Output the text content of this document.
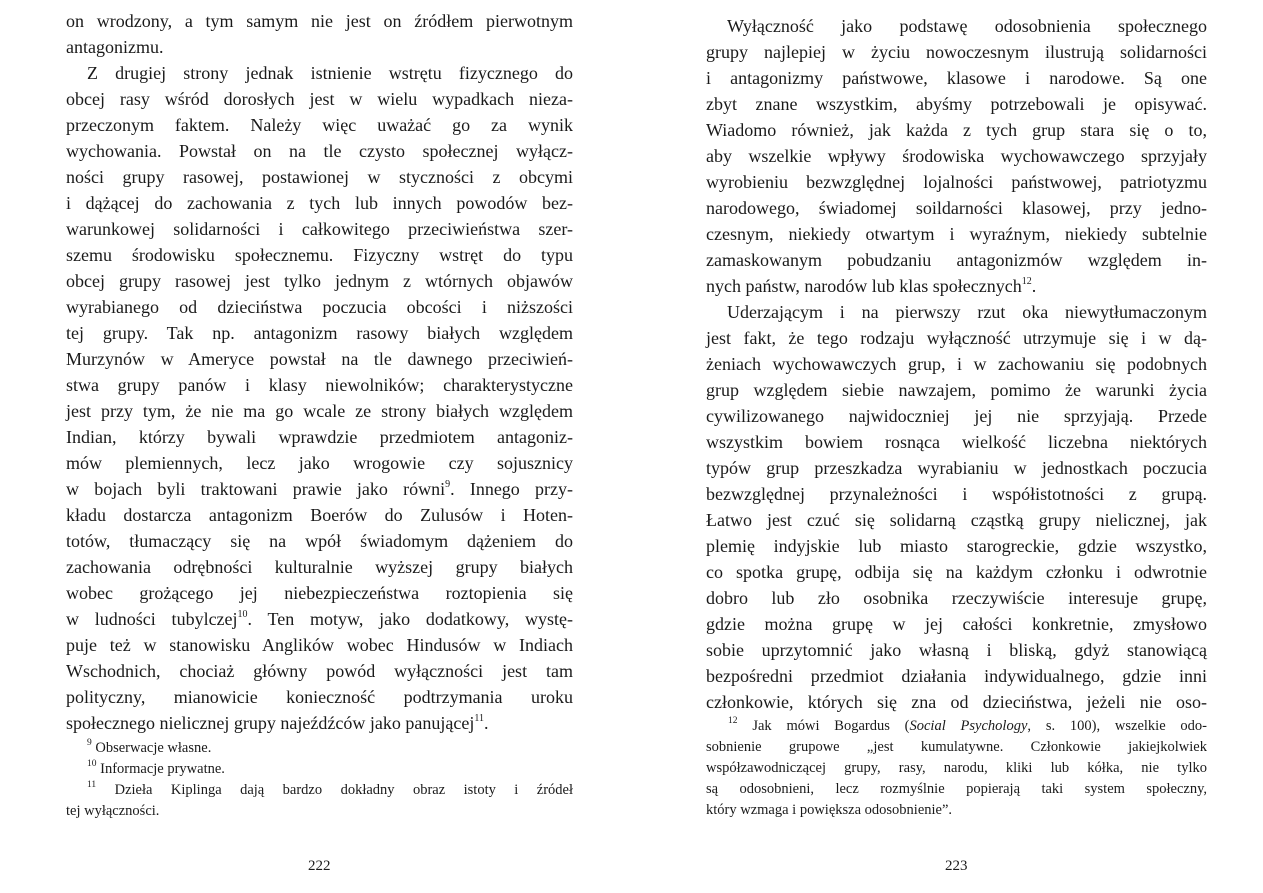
on wrodzony, a tym samym nie jest on źródłem pierwotnym
antagonizmu.
Z drugiej strony jednak istnienie wstrętu fizycznego do
obcej rasy wśród dorosłych jest w wielu wypadkach nieza-
przeczonym faktem. Należy więc uważać go za wynik
wychowania. Powstał on na tle czysto społecznej wyłącz-
ności grupy rasowej, postawionej w styczności z obcymi
i dążącej do zachowania z tych lub innych powodów bez-
warunkowej solidarności i całkowitego przeciwieństwa szer-
szemu środowisku społecznemu. Fizyczny wstręt do typu
obcej grupy rasowej jest tylko jednym z wtórnych objawów
wyrabianego od dzieciństwa poczucia obcości i niższości
tej grupy. Tak np. antagonizm rasowy białych względem
Murzynów w Ameryce powstał na tle dawnego przeciwień-
stwa grupy panów i klasy niewolników; charakterystyczne
jest przy tym, że nie ma go wcale ze strony białych względem
Indian, którzy bywali wprawdzie przedmiotem antagoniz-
mów plemiennych, lecz jako wrogowie czy sojusznicy
w bojach byli traktowani prawie jako równi$^9$. Innego przy-
kładu dostarcza antagonizm Boerów do Zulusów i Hoten-
totów, tłumaczący się na wpół świadomym dążeniem do
zachowania odrębności kulturalnie wyższej grupy białych
wobec grożącego jej niebezpieczeństwa roztopienia się
w ludności tubylczej$^{10}$. Ten motyw, jako dodatkowy, wystę-
puje też w stanowisku Anglików wobec Hindusów w Indiach
Wschodnich, chociaż główny powód wyłączności jest tam
polityczny, mianowicie konieczność podtrzymania uroku
społecznego nielicznej grupy najeźdźców jako panującej$^{11}$.
$^9$ Obserwacje własne.
$^{10}$ Informacje prywatne.
$^{11}$ Dzieła Kiplinga dają bardzo dokładny obraz istoty i źródeł
tej wyłączności.
222
Wyłączność jako podstawę odosobnienia społecznego
grupy najlepiej w życiu nowoczesnym ilustrują solidarności
i antagonizmy państwowe, klasowe i narodowe. Są one
zbyt znane wszystkim, abyśmy potrzebowali je opisywać.
Wiadomo również, jak każda z tych grup stara się o to,
aby wszelkie wpływy środowiska wychowawczego sprzyjały
wyrobieniu bezwzględnej lojalności państwowej, patriotyzmu
narodowego, świadomej soildarności klasowej, przy jedno-
czesnym, niekiedy otwartym i wyraźnym, niekiedy subtelnie
zamaskowanym pobudzaniu antagonizmów względem in-
nych państw, narodów lub klas społecznych$^{12}$.
Uderzającym i na pierwszy rzut oka niewytłumaczonym
jest fakt, że tego rodzaju wyłączność utrzymuje się i w dą-
żeniach wychowawczych grup, i w zachowaniu się podobnych
grup względem siebie nawzajem, pomimo że warunki życia
cywilizowanego najwidoczniej jej nie sprzyjają. Przede
wszystkim bowiem rosnąca wielkość liczebna niektórych
typów grup przeszkadza wyrabianiu w jednostkach poczucia
bezwzględnej przynależności i współistotności z grupą.
Łatwo jest czuć się solidarną cząstką grupy nielicznej, jak
plemię indyjskie lub miasto starogreckie, gdzie wszystko,
co spotka grupę, odbija się na każdym członku i odwrotnie
dobro lub zło osobnika rzeczywiście interesuje grupę,
gdzie można grupę w jej całości konkretnie, zmysłowo
sobie uprzytomnić jako własną i bliską, gdyż stanowiącą
bezpośredni przedmiot działania indywidualnego, gdzie inni
członkowie, których się zna od dzieciństwa, jeżeli nie oso-
$^{12}$ Jak mówi Bogardus (Social Psychology, s. 100), wszelkie odo-
sobnienie grupowe „jest kumulatywne. Członkowie jakiejkolwiek
współzawodniczącej grupy, rasy, narodu, kliki lub kółka, nie tylko
są odosobnieni, lecz rozmyślnie popierają taki system społeczny,
który wzmaga i powiększa odosobnienie”.
223
